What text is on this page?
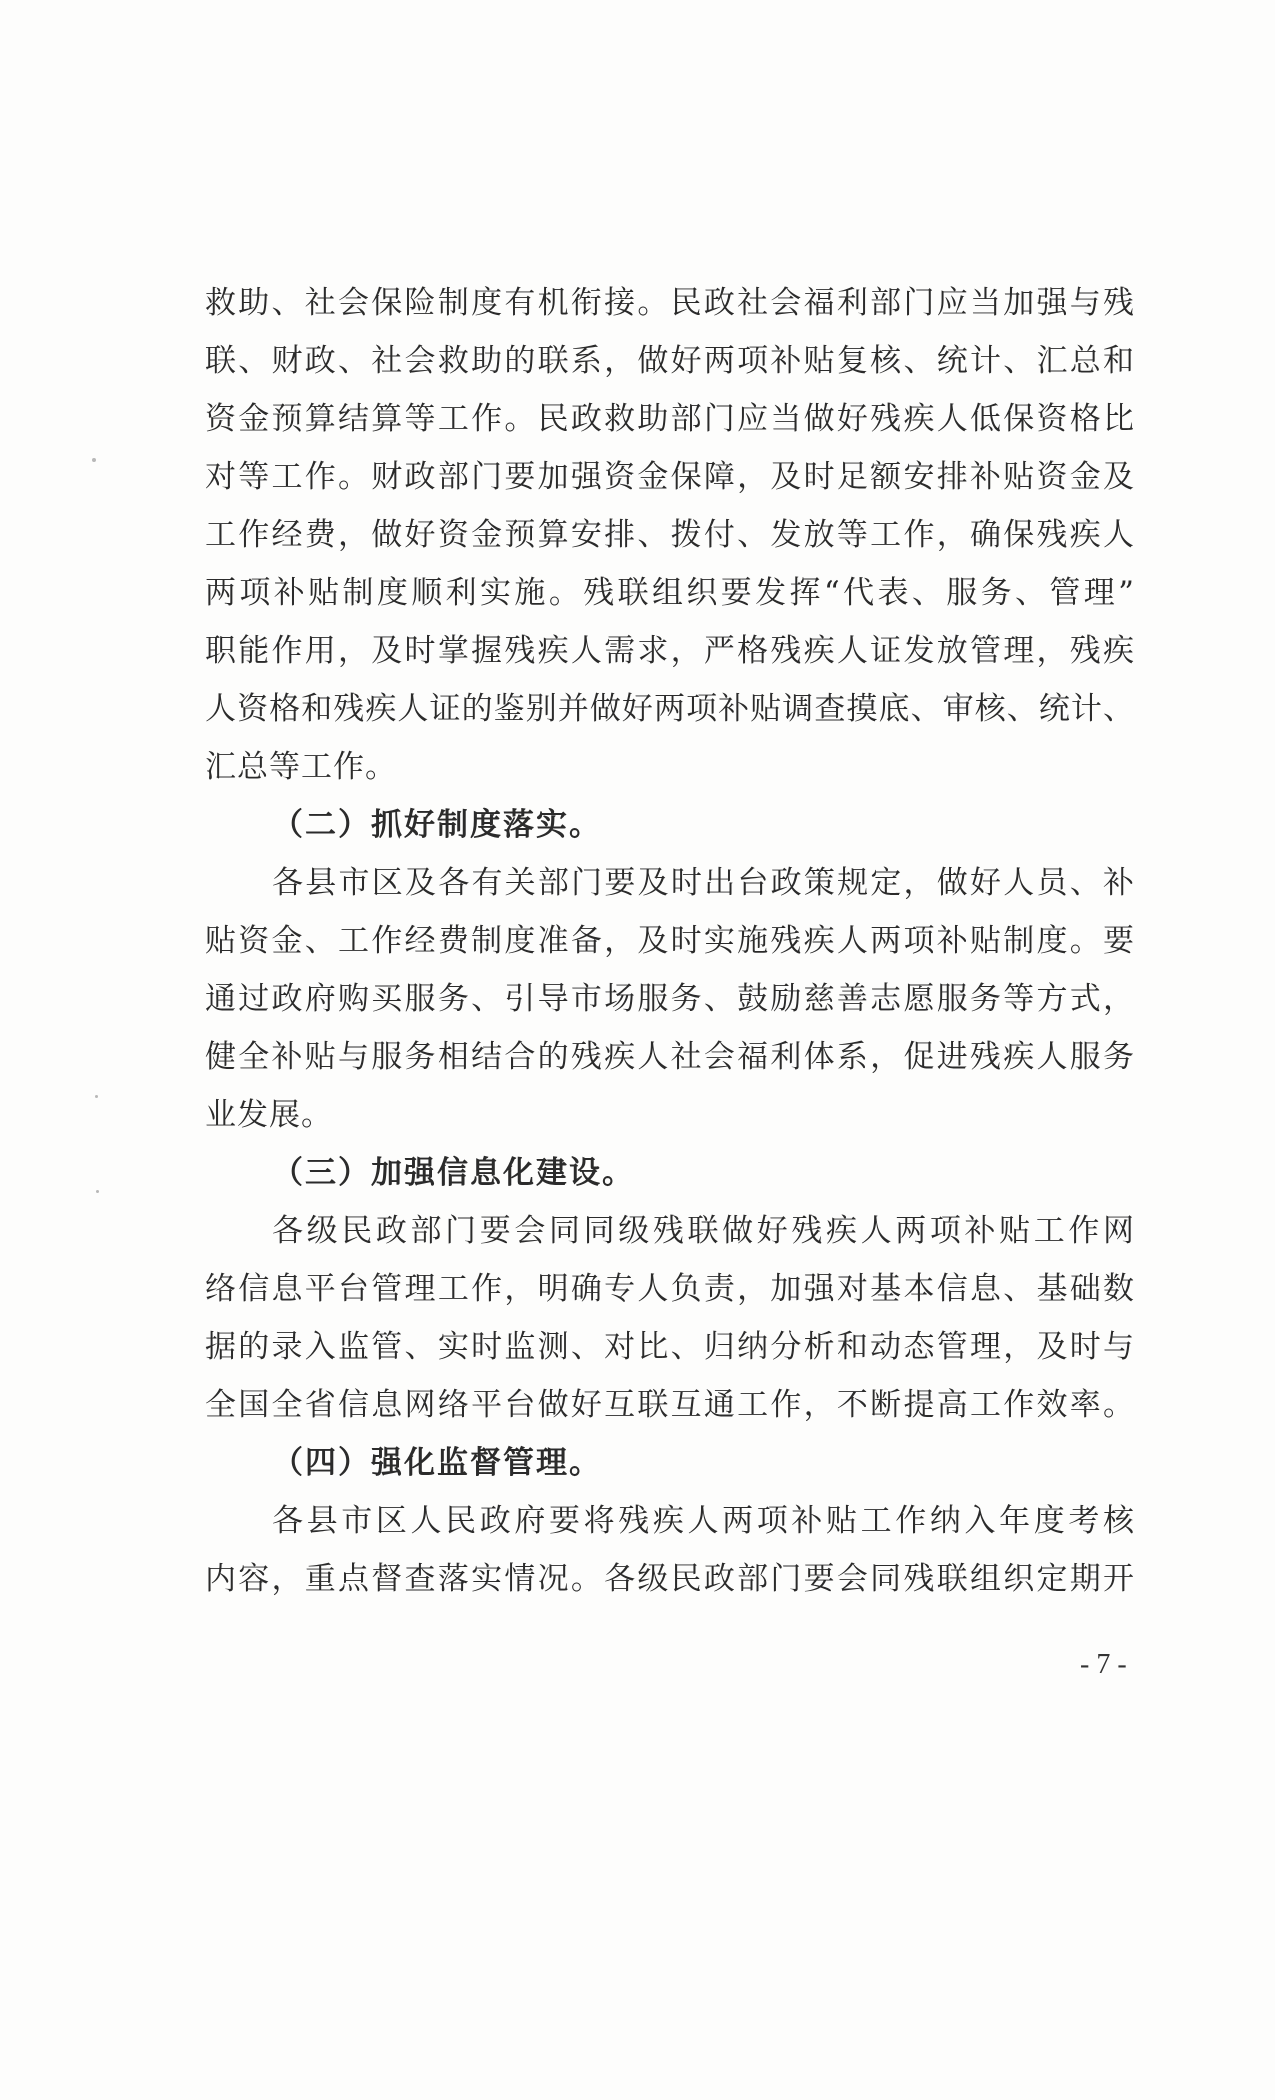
救助、社会保险制度有机衔接。民政社会福利部门应当加强与残
联、财政、社会救助的联系，做好两项补贴复核、统计、汇总和
资金预算结算等工作。民政救助部门应当做好残疾人低保资格比
对等工作。财政部门要加强资金保障，及时足额安排补贴资金及
工作经费，做好资金预算安排、拨付、发放等工作，确保残疾人
两项补贴制度顺利实施。残联组织要发挥“代表、服务、管理”
职能作用，及时掌握残疾人需求，严格残疾人证发放管理，残疾
人资格和残疾人证的鉴别并做好两项补贴调查摸底、审核、统计、
汇总等工作。
（二）抓好制度落实。
各县市区及各有关部门要及时出台政策规定，做好人员、补
贴资金、工作经费制度准备，及时实施残疾人两项补贴制度。要
通过政府购买服务、引导市场服务、鼓励慈善志愿服务等方式，
健全补贴与服务相结合的残疾人社会福利体系，促进残疾人服务
业发展。
（三）加强信息化建设。
各级民政部门要会同同级残联做好残疾人两项补贴工作网
络信息平台管理工作，明确专人负责，加强对基本信息、基础数
据的录入监管、实时监测、对比、归纳分析和动态管理，及时与
全国全省信息网络平台做好互联互通工作，不断提高工作效率。
（四）强化监督管理。
各县市区人民政府要将残疾人两项补贴工作纳入年度考核
内容，重点督查落实情况。各级民政部门要会同残联组织定期开
- 7 -
